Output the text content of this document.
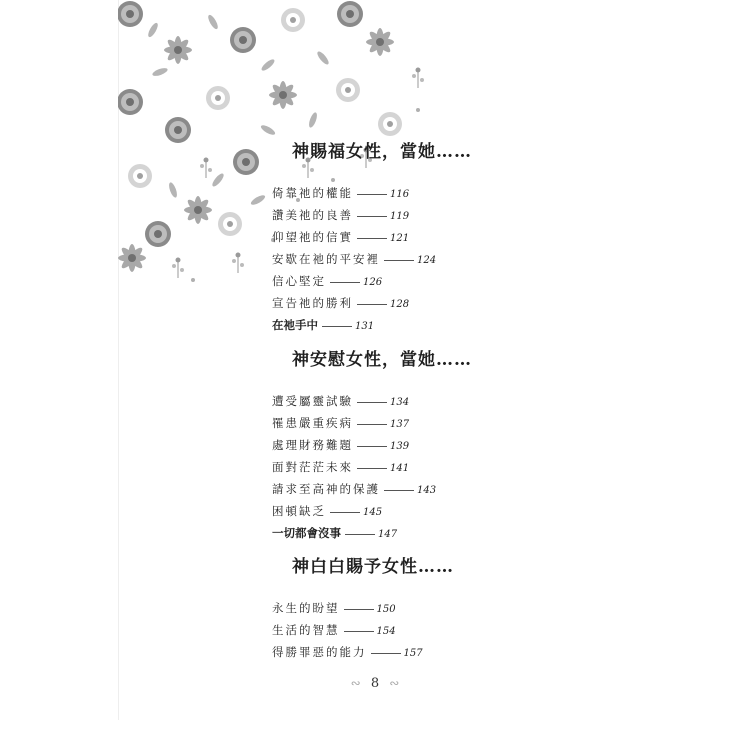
神賜福女性，當她……
倚靠祂的權能	116
讚美祂的良善	119
仰望祂的信實	121
安歇在祂的平安裡	124
信心堅定	126
宣告祂的勝利	128
在祂手中	131
神安慰女性，當她……
遭受屬靈試驗	134
罹患嚴重疾病	137
處理財務難題	139
面對茫茫未來	141
請求至高神的保護	143
困頓缺乏	145
一切都會沒事	147
神白白賜予女性……
永生的盼望	150
生活的智慧	154
得勝罪惡的能力	157
∾ 8 ∾
